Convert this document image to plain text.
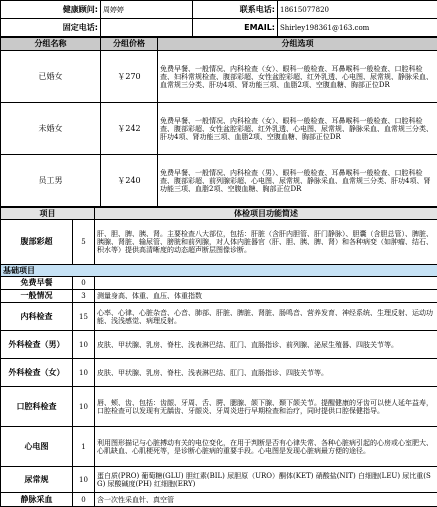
健康顾问:	周婷婷	联系电话:	18615077820
固定电话:		EMAIL:	Shirley198361@163.com
分组名称	分组价格	分组选项
已婚女	￥270	免费早餐、一般情况、内科检查（女）、眼科一般检查、耳鼻喉科一般检查、口腔科检查、妇科常规检查、腹部彩超、女性盆腔彩超、红外乳透、心电图、尿常规、静脉采血、血常规三分类、肝功4项、肾功能三项、血脂2项、空腹血糖、胸部正位DR
未婚女	￥242	免费早餐、一般情况、内科检查（女）、眼科一般检查、耳鼻喉科一般检查、口腔科检查、腹部彩超、女性盆腔彩超、红外乳透、心电图、尿常规、静脉采血、血常规三分类、肝功4项、肾功能三项、血脂2项、空腹血糖、胸部正位DR
员工男	￥240	免费早餐、一般情况、内科检查（男）、眼科一般检查、耳鼻喉科一般检查、口腔科检查、腹部彩超、前列腺彩超、心电图、尿常规、静脉采血、血常规三分类、肝功4项、肾功能三项、血脂2项、空腹血糖、胸部正位DR
项目		体检项目功能简述
腹部彩超	5	肝、胆、脾、胰、肾。主要检查八大部位，包括：肝脏（含肝内胆管、肝门静脉）、胆囊（含胆总管）、脾脏、胰腺、肾脏、输尿管、膀胱和前列腺，对人体内脏器官（肝、胆、胰、脾、肾）和各种病变（如肿瘤、结石、积水等）提供高清晰度的动态超声断层图像诊断。
基础项目		
免费早餐	0	
一般情况	3	测量身高、体重、血压、体重指数
内科检查	15	心率、心律、心脏杂音、心音、肺部、肝脏、脾脏、肾脏、肠鸣音、营养发育、神经系统、生理反射、运动功能、浅浅感觉、病理反射。
外科检查（男）	10	皮肤、甲状腺、乳房、脊柱、浅表淋巴结、肛门、直肠指诊、前列腺、泌尿生殖器、四肢关节等。
外科检查（女）	10	皮肤、甲状腺、乳房、脊柱、浅表淋巴结、肛门、直肠指诊、四肢关节等。
口腔科检查	10	唇、颊、齿、包括：齿龈、牙周、舌、腭、腮腺、颌下腺、颞下颌关节。提醒健康的牙齿可以使人延年益寿，口腔检查可以发现有无龋齿、牙龈炎、牙周炎进行早期检查和治疗，同时提供口腔保健指导。
心电图	1	利用图形描记与心脏搏动有关的电位变化，在用于判断是否有心律失常、各种心脏病引起的心房或心室肥大、心肌缺血、心肌梗死等，是诊断心脏病的重要手段。心电图是发现心脏病最方便的途径。
尿常规	10	蛋白质(PRO) 葡萄糖(GLU) 胆红素(BIL) 尿胆原（URO）酮体(KET) 硝酸盐(NIT) 白细胞(LEU) 尿比重(SG) 尿酸碱度(PH) 红细胞(ERY)
静脉采血	0	含一次性采血针、真空管
